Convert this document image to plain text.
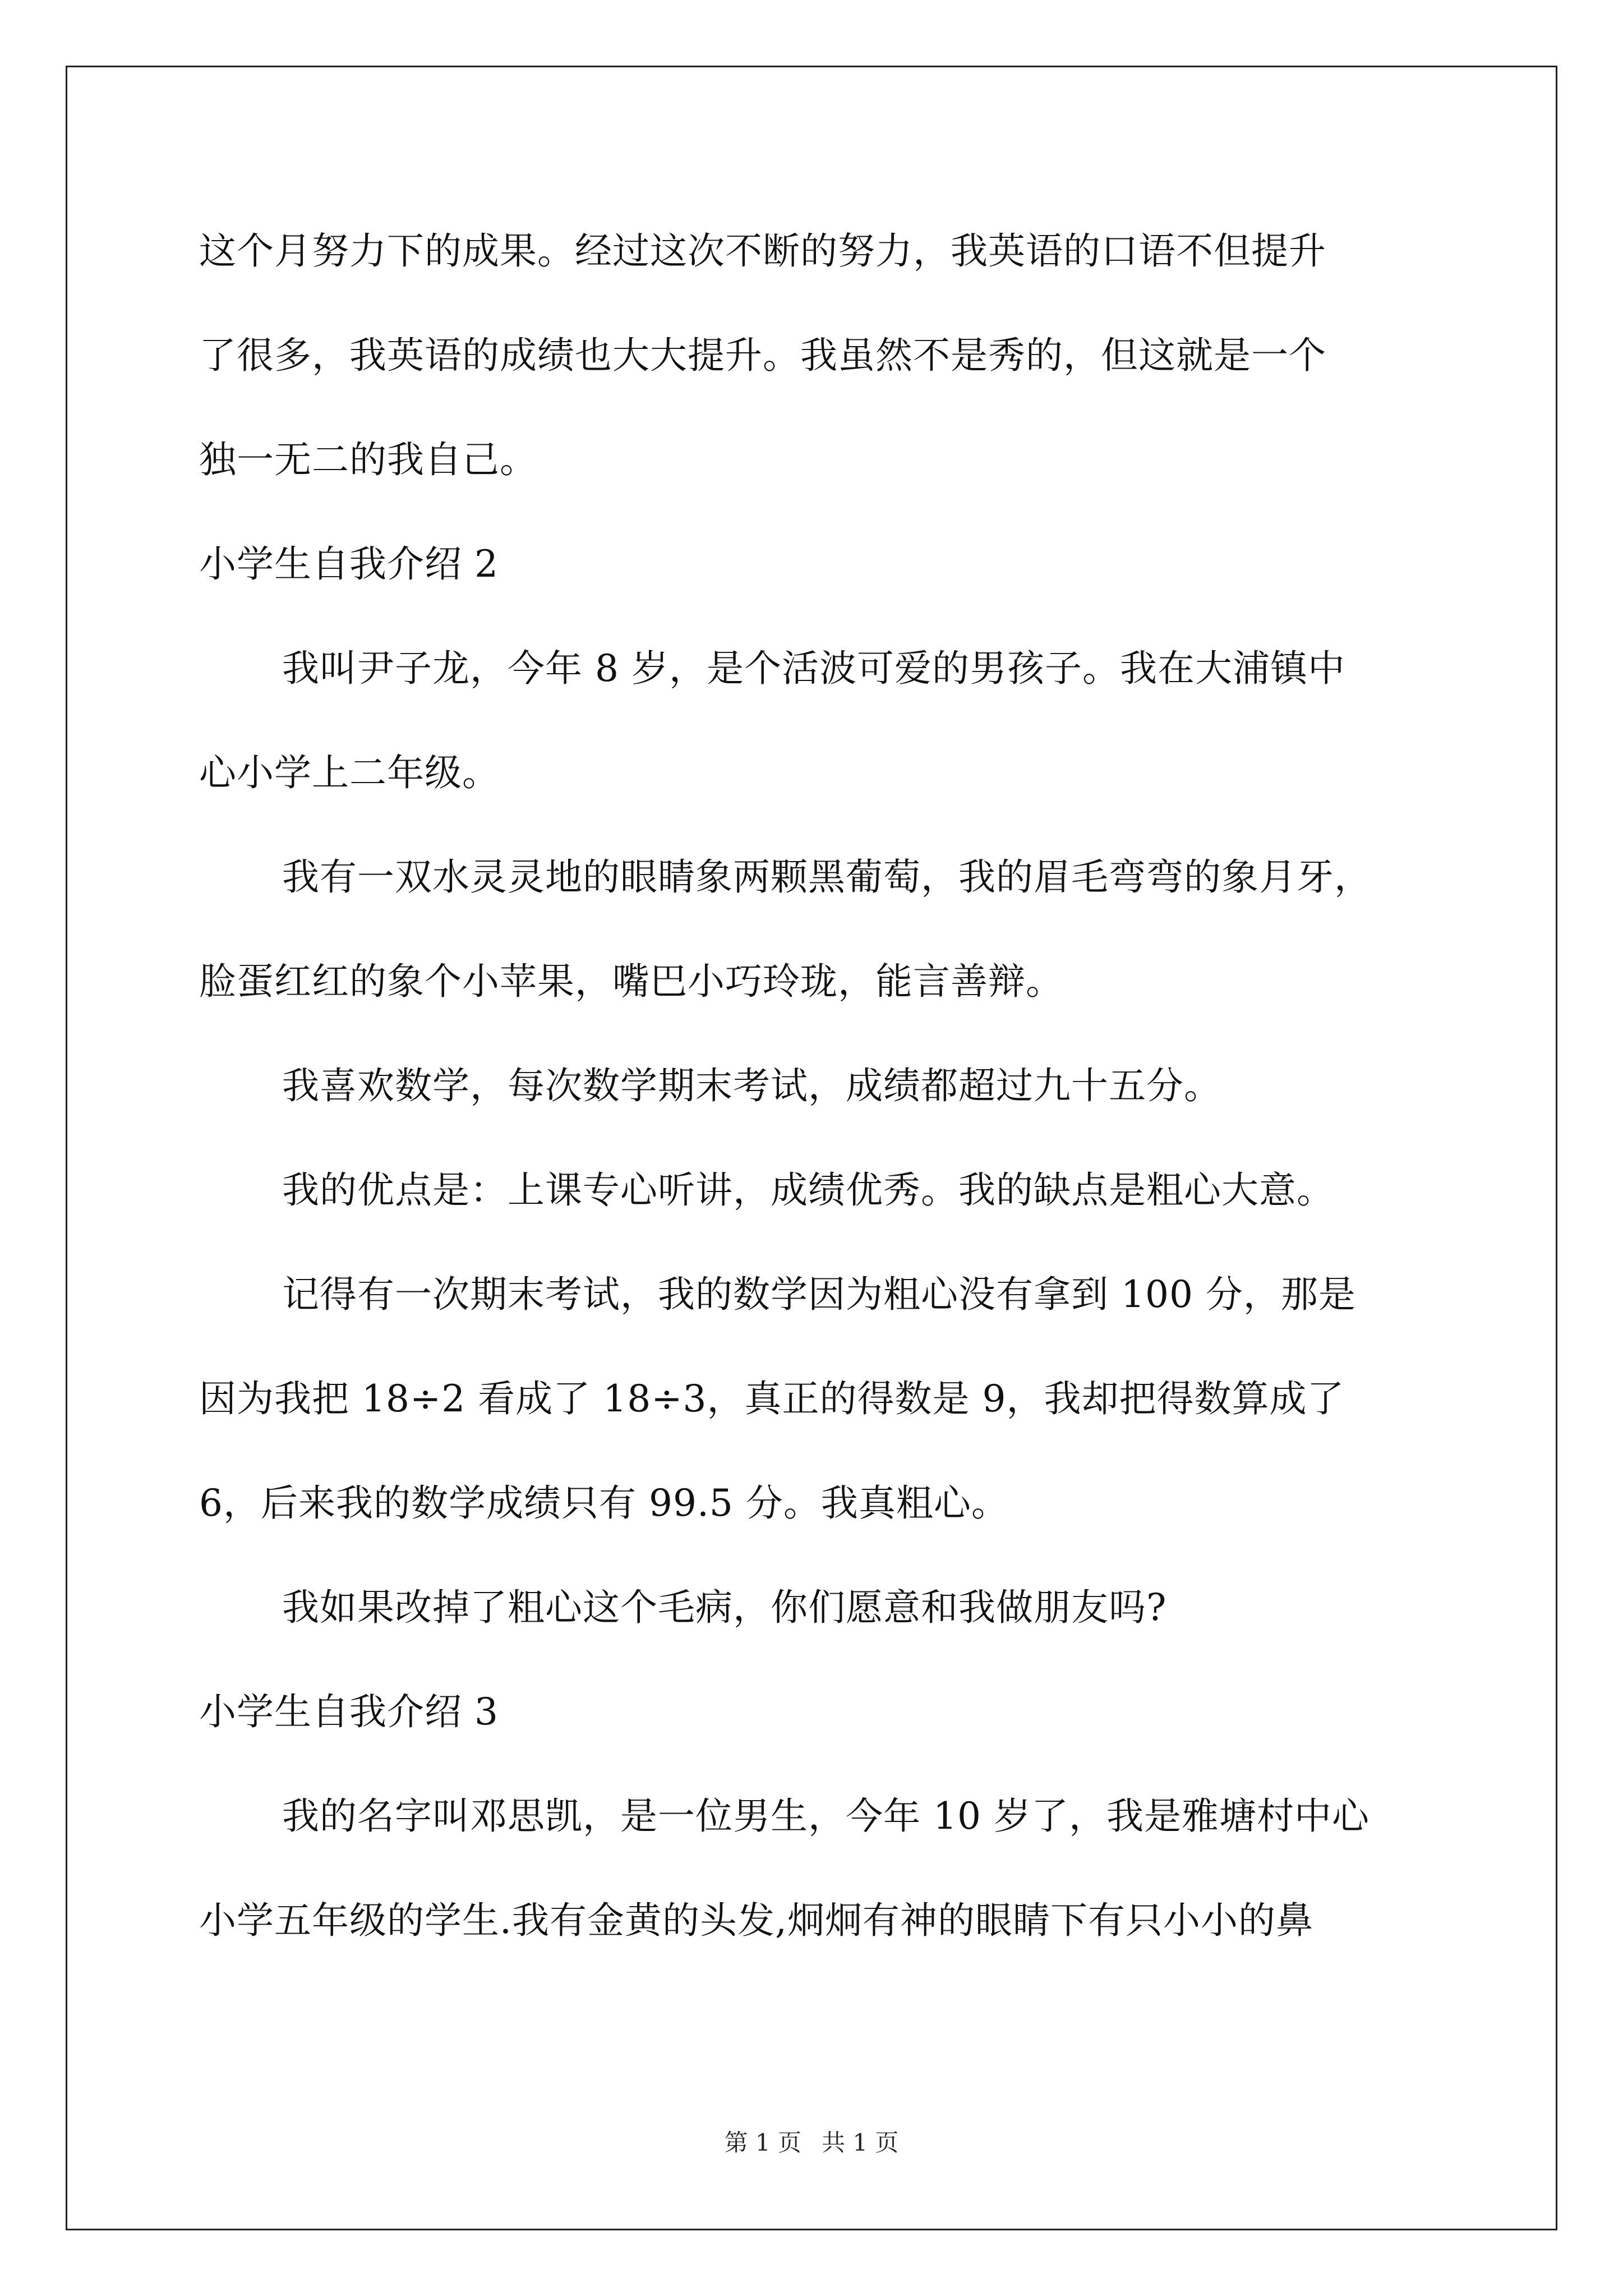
这个月努力下的成果。经过这次不断的努力，我英语的口语不但提升
了很多，我英语的成绩也大大提升。我虽然不是秀的，但这就是一个
独一无二的我自己。
小学生自我介绍 2
我叫尹子龙，今年 8 岁，是个活波可爱的男孩子。我在大浦镇中
心小学上二年级。
我有一双水灵灵地的眼睛象两颗黑葡萄，我的眉毛弯弯的象月牙，
脸蛋红红的象个小苹果，嘴巴小巧玲珑，能言善辩。
我喜欢数学，每次数学期末考试，成绩都超过九十五分。
我的优点是：上课专心听讲，成绩优秀。我的缺点是粗心大意。
记得有一次期末考试，我的数学因为粗心没有拿到 100 分，那是
因为我把 18÷2 看成了 18÷3，真正的得数是 9，我却把得数算成了
6，后来我的数学成绩只有 99.5 分。我真粗心。
我如果改掉了粗心这个毛病，你们愿意和我做朋友吗?
小学生自我介绍 3
我的名字叫邓思凯，是一位男生，今年 10 岁了，我是雅塘村中心
小学五年级的学生.我有金黄的头发,炯炯有神的眼睛下有只小小的鼻
第 1 页 共 1 页
